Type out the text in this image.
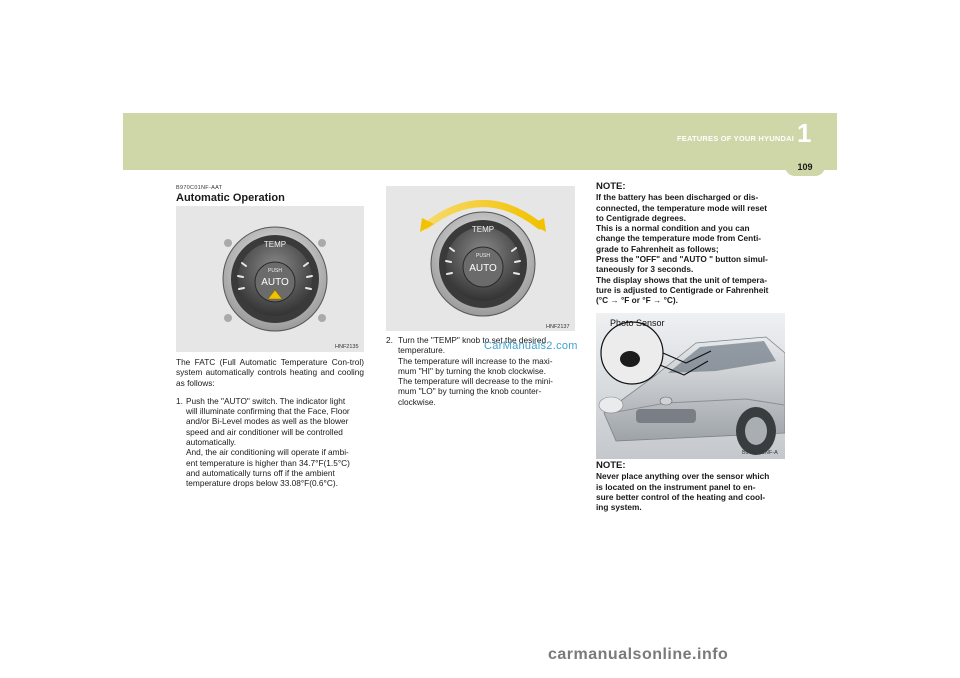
FEATURES OF YOUR HYUNDAI 1
109
B970C01NF-AAT
Automatic Operation
TEMP
PUSH
AUTO
HNF2135

The FATC (Full Automatic Temperature Con-trol) system automatically controls heating and cooling as follows:

1. Push the "AUTO" switch. The indicator light
will illuminate confirming that the Face, Floor
and/or Bi-Level modes as well as the blower
speed and air conditioner will be controlled
automatically.
And, the air conditioning will operate if ambi-
ent temperature is higher than 34.7°F(1.5°C)
and automatically turns off if the ambient
temperature drops below 33.08°F(0.6°C).
TEMP
PUSH
AUTO
HNF2137
2. Turn the "TEMP" knob to set the desired
temperature.
The temperature will increase to the maxi-
mum "HI" by turning the knob clockwise.
The temperature will decrease to the mini-
mum "LO" by turning the knob counter-
clockwise.
CarManuals2.com
NOTE:
If the battery has been discharged or dis-
connected, the temperature mode will reset
to Centigrade degrees.
This is a normal condition and you can
change the temperature mode from Centi-
grade to Fahrenheit as follows;
Press the "OFF" and "AUTO " button simul-
taneously for 3 seconds.
The display shows that the unit of tempera-
ture is adjusted to Centigrade or Fahrenheit
(°C → °F or °F → °C).
Photo Sensor
B970C01NF-A
NOTE:
Never place anything over the sensor which
is located on the instrument panel to en-
sure better control of the heating and cool-
ing system.
carmanualsonline.info
